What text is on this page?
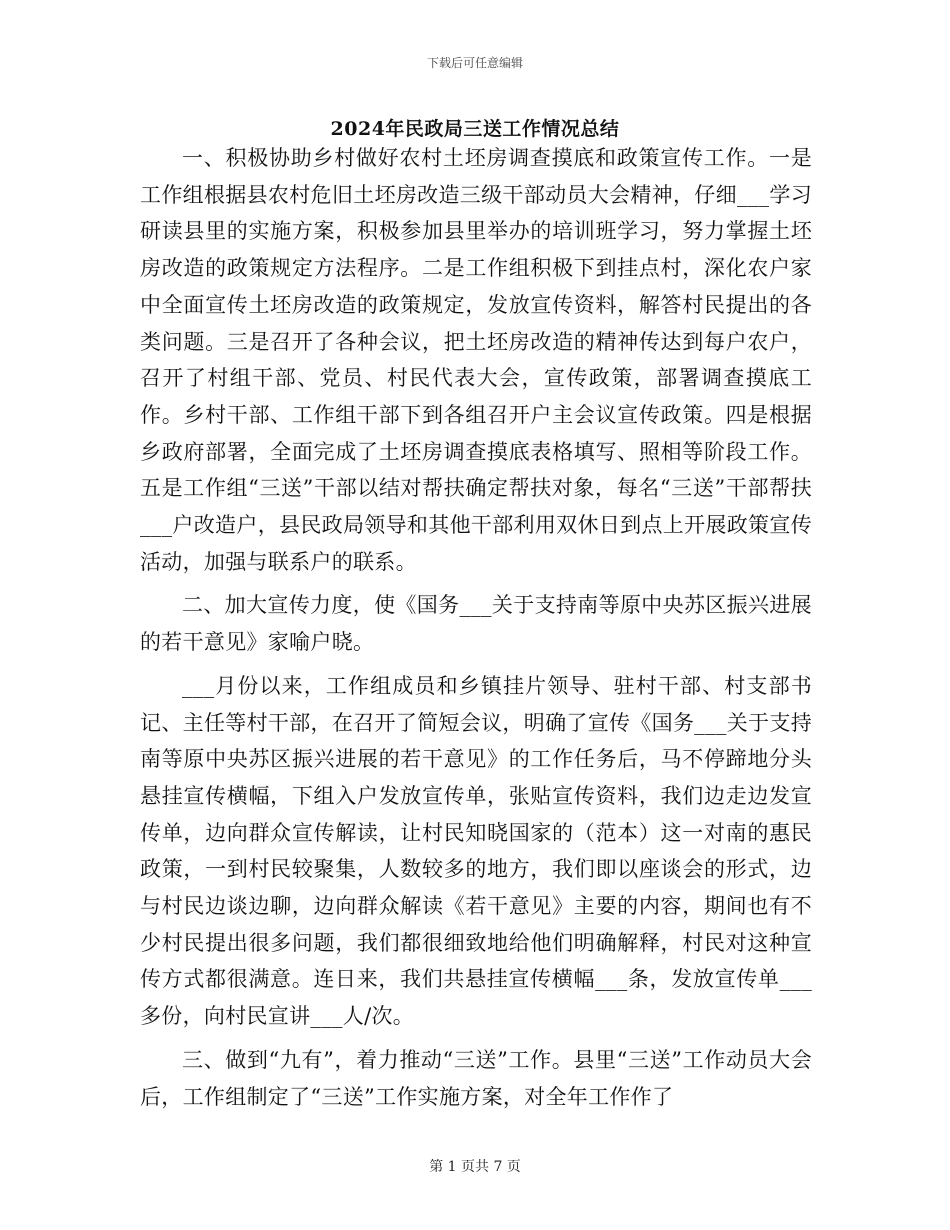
下载后可任意编辑
2024年民政局三送工作情况总结

一、积极协助乡村做好农村土坯房调查摸底和政策宣传工作。一是工作组根据县农村危旧土坯房改造三级干部动员大会精神，仔细___学习研读县里的实施方案，积极参加县里举办的培训班学习，努力掌握土坯房改造的政策规定方法程序。二是工作组积极下到挂点村，深化农户家中全面宣传土坯房改造的政策规定，发放宣传资料，解答村民提出的各类问题。三是召开了各种会议，把土坯房改造的精神传达到每户农户，召开了村组干部、党员、村民代表大会，宣传政策，部署调查摸底工作。乡村干部、工作组干部下到各组召开户主会议宣传政策。四是根据乡政府部署，全面完成了土坯房调查摸底表格填写、照相等阶段工作。五是工作组“三送”干部以结对帮扶确定帮扶对象，每名“三送”干部帮扶___户改造户，县民政局领导和其他干部利用双休日到点上开展政策宣传活动，加强与联系户的联系。

二、加大宣传力度，使《国务___关于支持南等原中央苏区振兴进展的若干意见》家喻户晓。

___月份以来，工作组成员和乡镇挂片领导、驻村干部、村支部书记、主任等村干部，在召开了简短会议，明确了宣传《国务___关于支持南等原中央苏区振兴进展的若干意见》的工作任务后，马不停蹄地分头悬挂宣传横幅，下组入户发放宣传单，张贴宣传资料，我们边走边发宣传单，边向群众宣传解读，让村民知晓国家的（范本）这一对南的惠民政策，一到村民较聚集，人数较多的地方，我们即以座谈会的形式，边与村民边谈边聊，边向群众解读《若干意见》主要的内容，期间也有不少村民提出很多问题，我们都很细致地给他们明确解释，村民对这种宣传方式都很满意。连日来，我们共悬挂宣传横幅___条，发放宣传单___多份，向村民宣讲___人/次。

三、做到“九有”，着力推动“三送”工作。县里“三送”工作动员大会后，工作组制定了“三送”工作实施方案，对全年工作作了

第 1 页共 7 页
